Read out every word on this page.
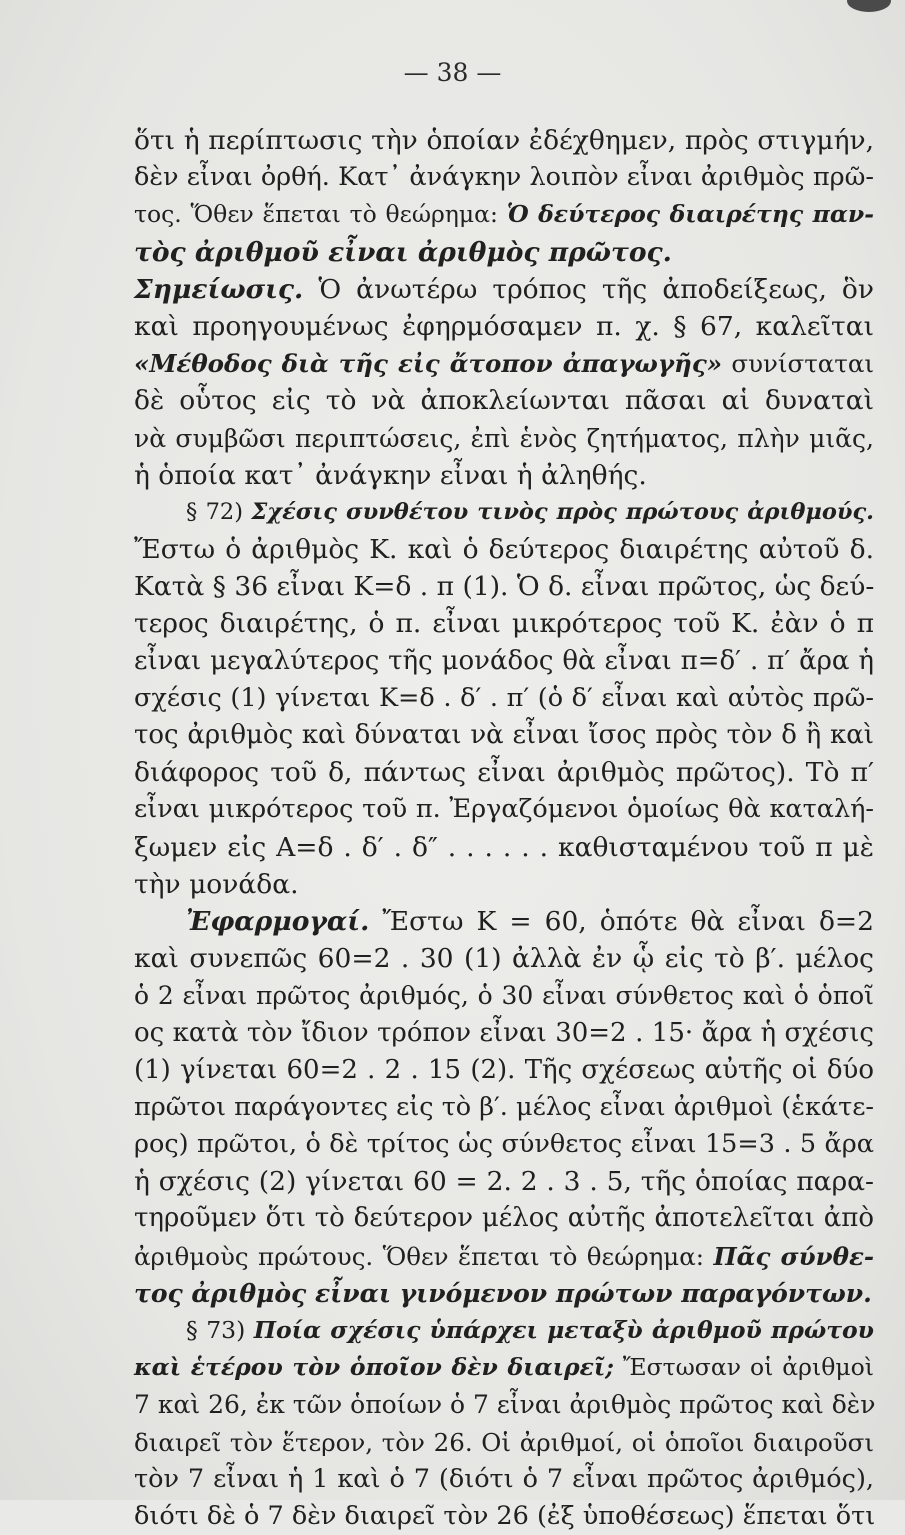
— 38 —
ὅτι ἡ περίπτωσις τὴν ὁποίαν ἐδέχθημεν, πρὸς στιγμήν,
δὲν εἶναι ὀρθή. Κατ᾽ ἀνάγκην λοιπὸν εἶναι ἀριθμὸς πρῶ-
τος. Ὅθεν ἕπεται τὸ θεώρημα: Ὁ δεύτερος διαιρέτης παν-
τὸς ἀριθμοῦ εἶναι ἀριθμὸς πρῶτος.
Σημείωσις. Ὁ ἀνωτέρω τρόπος τῆς ἀποδείξεως, ὃν
καὶ προηγουμένως ἐφηρμόσαμεν π. χ. § 67, καλεῖται
«Μέθοδος διὰ τῆς εἰς ἄτοπον ἀπαγωγῆς» συνίσταται
δὲ οὗτος εἰς τὸ νὰ ἀποκλείωνται πᾶσαι αἱ δυναταὶ
νὰ συμβῶσι περιπτώσεις, ἐπὶ ἑνὸς ζητήματος, πλὴν μιᾶς,
ἡ ὁποία κατ᾽ ἀνάγκην εἶναι ἡ ἀληθής.
§ 72) Σχέσις συνθέτου τινὸς πρὸς πρώτους ἀριθμούς.
Ἔστω ὁ ἀριθμὸς Κ. καὶ ὁ δεύτερος διαιρέτης αὐτοῦ δ.
Κατὰ § 36 εἶναι Κ=δ . π (1). Ὁ δ. εἶναι πρῶτος, ὡς δεύ-
τερος διαιρέτης, ὁ π. εἶναι μικρότερος τοῦ Κ. ἐὰν ὁ π
εἶναι μεγαλύτερος τῆς μονάδος θὰ εἶναι π=δ′ . π′ ἄρα ἡ
σχέσις (1) γίνεται Κ=δ . δ′ . π′ (ὁ δ′ εἶναι καὶ αὐτὸς πρῶ-
τος ἀριθμὸς καὶ δύναται νὰ εἶναι ἴσος πρὸς τὸν δ ἢ καὶ
διάφορος τοῦ δ, πάντως εἶναι ἀριθμὸς πρῶτος). Τὸ π′
εἶναι μικρότερος τοῦ π. Ἐργαζόμενοι ὁμοίως θὰ καταλή-
ξωμεν εἰς Α=δ . δ′ . δ″ . . . . . . καθισταμένου τοῦ π μὲ
τὴν μονάδα.
Ἐφαρμογαί. Ἔστω Κ = 60, ὁπότε θὰ εἶναι δ=2
καὶ συνεπῶς 60=2 . 30 (1) ἀλλὰ ἐν ᾧ εἰς τὸ β′. μέλος
ὁ 2 εἶναι πρῶτος ἀριθμός, ὁ 30 εἶναι σύνθετος καὶ ὁ ὁποῖ
ος κατὰ τὸν ἴδιον τρόπον εἶναι 30=2 . 15· ἄρα ἡ σχέσις
(1) γίνεται 60=2 . 2 . 15 (2). Τῆς σχέσεως αὐτῆς οἱ δύο
πρῶτοι παράγοντες εἰς τὸ β′. μέλος εἶναι ἀριθμοὶ (ἑκάτε-
ρος) πρῶτοι, ὁ δὲ τρίτος ὡς σύνθετος εἶναι 15=3 . 5 ἄρα
ἡ σχέσις (2) γίνεται 60 = 2. 2 . 3 . 5, τῆς ὁποίας παρα-
τηροῦμεν ὅτι τὸ δεύτερον μέλος αὐτῆς ἀποτελεῖται ἀπὸ
ἀριθμοὺς πρώτους. Ὅθεν ἕπεται τὸ θεώρημα: Πᾶς σύνθε-
τος ἀριθμὸς εἶναι γινόμενον πρώτων παραγόντων.
§ 73) Ποία σχέσις ὑπάρχει μεταξὺ ἀριθμοῦ πρώτου
καὶ ἑτέρου τὸν ὁποῖον δὲν διαιρεῖ; Ἔστωσαν οἱ ἀριθμοὶ
7 καὶ 26, ἐκ τῶν ὁποίων ὁ 7 εἶναι ἀριθμὸς πρῶτος καὶ δὲν
διαιρεῖ τὸν ἕτερον, τὸν 26. Οἱ ἀριθμοί, οἱ ὁποῖοι διαιροῦσι
τὸν 7 εἶναι ἡ 1 καὶ ὁ 7 (διότι ὁ 7 εἶναι πρῶτος ἀριθμός),
διότι δὲ ὁ 7 δὲν διαιρεῖ τὸν 26 (ἐξ ὑποθέσεως) ἕπεται ὅτι
